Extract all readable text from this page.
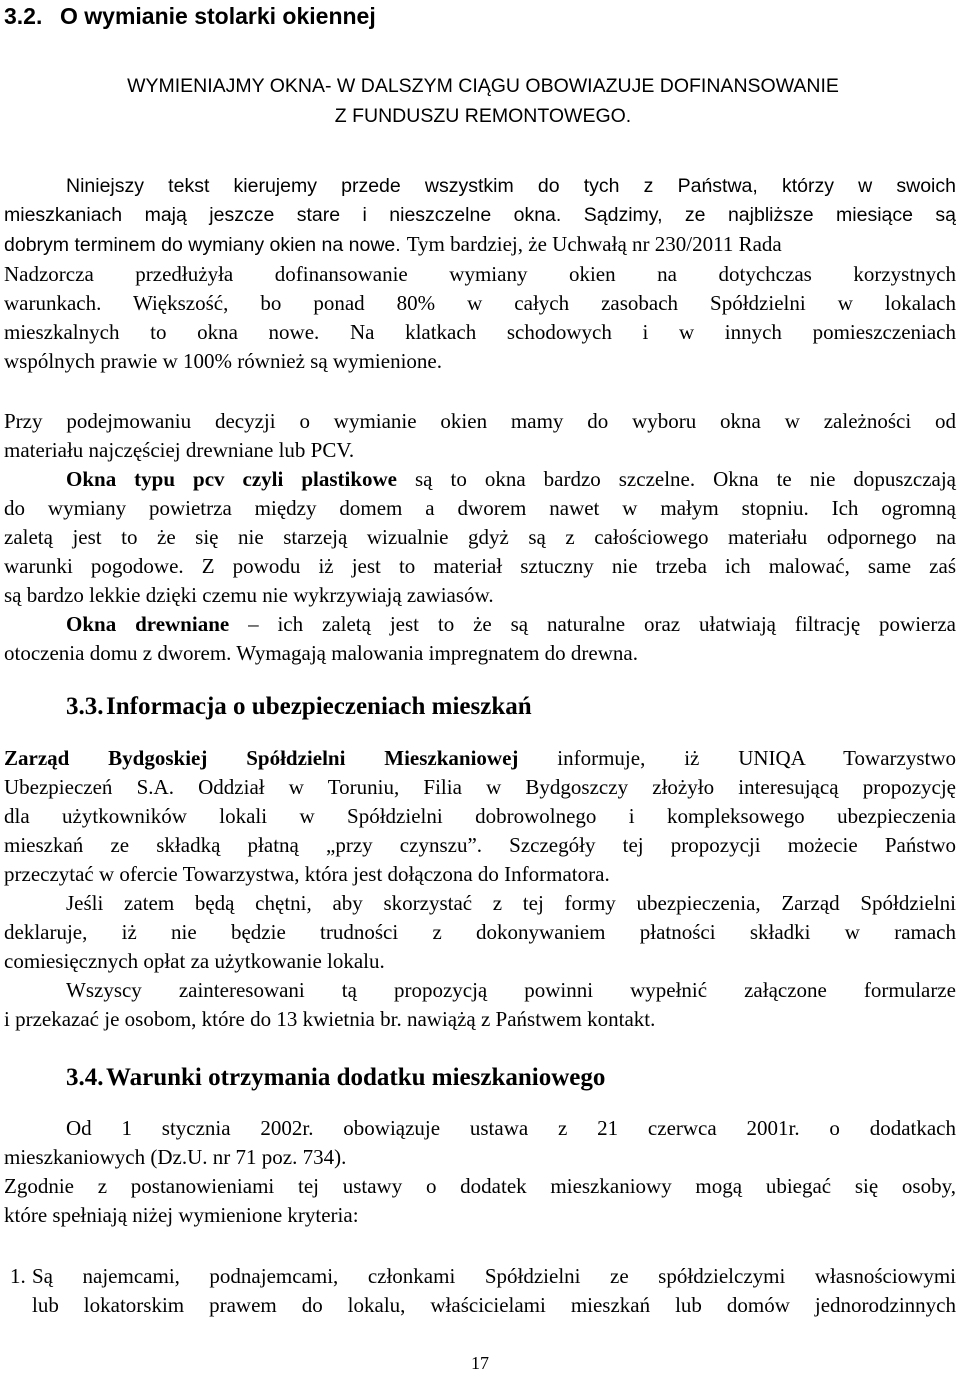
3.2. O wymianie stolarki okiennej
WYMIENIAJMY OKNA- W DALSZYM CIĄGU OBOWIAZUJE DOFINANSOWANIE
Z FUNDUSZU REMONTOWEGO.

Niniejszy tekst kierujemy przede wszystkim do tych z Państwa, którzy w swoich

mieszkaniach mają jeszcze stare i nieszczelne okna. Sądzimy, ze najbliższe miesiące są

dobrym terminem do wymiany okien na nowe. Tym bardziej, że Uchwałą nr 230/2011 Rada

Nadzorcza przedłużyła dofinansowanie wymiany okien na dotychczas korzystnych

warunkach. Większość, bo ponad 80% w całych zasobach Spółdzielni w lokalach

mieszkalnych to okna nowe. Na klatkach schodowych i w innych pomieszczeniach

wspólnych prawie w 100% również są wymienione.

Przy podejmowaniu decyzji o wymianie okien mamy do wyboru okna w zależności od

materiału najczęściej drewniane lub PCV.

Okna typu pcv czyli plastikowe są to okna bardzo szczelne. Okna te nie dopuszczają

do wymiany powietrza między domem a dworem nawet w małym stopniu. Ich ogromną

zaletą jest to że się nie starzeją wizualnie gdyż są z całościowego materiału odpornego na

warunki pogodowe. Z powodu iż jest to materiał sztuczny nie trzeba ich malować, same zaś

są bardzo lekkie dzięki czemu nie wykrzywiają zawiasów.

Okna drewniane – ich zaletą jest to że są naturalne oraz ułatwiają filtrację powierza

otoczenia domu z dworem. Wymagają malowania impregnatem do drewna.

3.3. Informacja o ubezpieczeniach mieszkań

Zarząd Bydgoskiej Spółdzielni Mieszkaniowej informuje, iż UNIQA Towarzystwo

Ubezpieczeń S.A. Oddział w Toruniu, Filia w Bydgoszczy złożyło interesującą propozycję

dla użytkowników lokali w Spółdzielni dobrowolnego i kompleksowego ubezpieczenia

mieszkań ze składką płatną „przy czynszu”. Szczegóły tej propozycji możecie Państwo

przeczytać w ofercie Towarzystwa, która jest dołączona do Informatora.

Jeśli zatem będą chętni, aby skorzystać z tej formy ubezpieczenia, Zarząd Spółdzielni

deklaruje, iż nie będzie trudności z dokonywaniem płatności składki w ramach

comiesięcznych opłat za użytkowanie lokalu.

Wszyscy zainteresowani tą propozycją powinni wypełnić załączone formularze

i przekazać je osobom, które do 13 kwietnia br. nawiążą z Państwem kontakt.

3.4. Warunki otrzymania dodatku mieszkaniowego

Od 1 stycznia 2002r. obowiązuje ustawa z 21 czerwca 2001r. o dodatkach

mieszkaniowych (Dz.U. nr 71 poz. 734).

Zgodnie z postanowieniami tej ustawy o dodatek mieszkaniowy mogą ubiegać się osoby,

które spełniają niżej wymienione kryteria:

1. Są najemcami, podnajemcami, członkami Spółdzielni ze spółdzielczymi własnościowymi

lub lokatorskim prawem do lokalu, właścicielami mieszkań lub domów jednorodzinnych

17
